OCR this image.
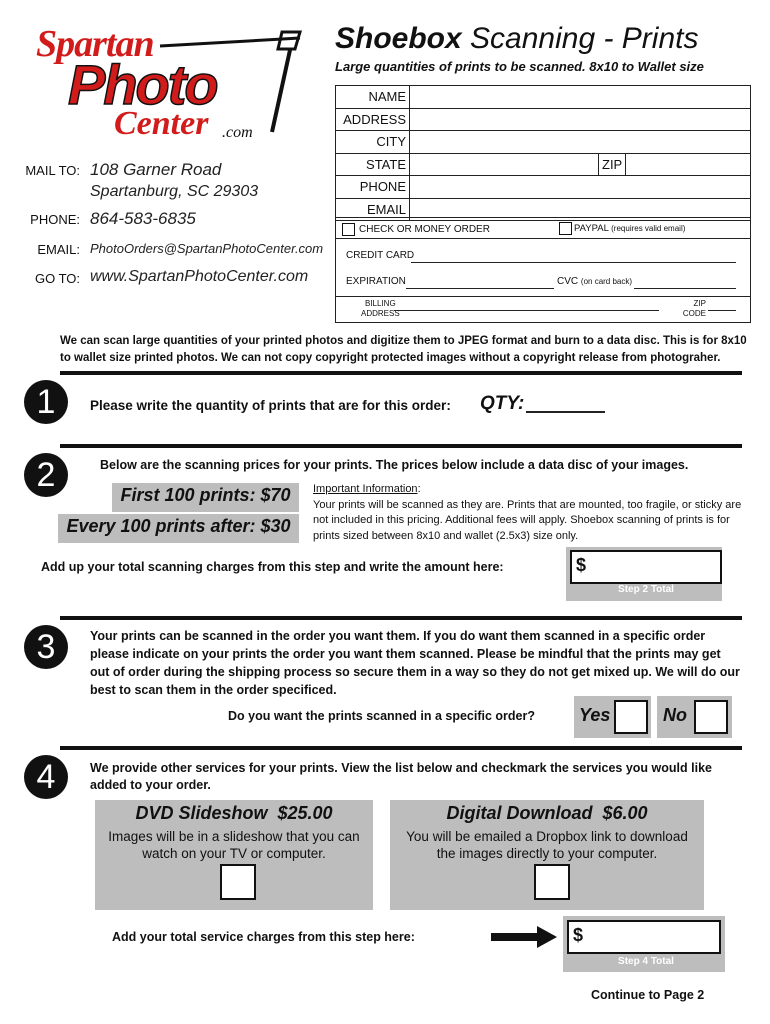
Spartan
Photo
Center .com
Shoebox Scanning - Prints
Large quantities of prints to be scanned. 8x10 to Wallet size
MAIL TO: 108 Garner Road
Spartanburg, SC 29303
PHONE: 864-583-6835
EMAIL: PhotoOrders@SpartanPhotoCenter.com
GO TO: www.SpartanPhotoCenter.com
NAME
ADDRESS
CITY
STATE	ZIP
PHONE
EMAIL
CHECK OR MONEY ORDER	PAYPAL (requires valid email)
CREDIT CARD
EXPIRATION	CVC (on card back)
BILLING
ADDRESS
ZIP
CODE
We can scan large quantities of your printed photos and digitize them to JPEG format and burn to a data disc. This is for 8x10 to wallet size printed photos. We can not copy copyright protected images without a copyright release from photograher.
1	Please write the quantity of prints that are for this order: QTY:
2	Below are the scanning prices for your prints. The prices below include a data disc of your images.
First 100 prints: $70
Every 100 prints after: $30
Important Information:
Your prints will be scanned as they are. Prints that are mounted, too fragile, or sticky are not included in this pricing. Additional fees will apply. Shoebox scanning of prints is for prints sized between 8x10 and wallet (2.5x3) size only.
Add up your total scanning charges from this step and write the amount here:	$
Step 2 Total
3	Your prints can be scanned in the order you want them. If you do want them scanned in a specific order please indicate on your prints the order you want them scanned. Please be mindful that the prints may get out of order during the shipping process so secure them in a way so they do not get mixed up. We will do our best to scan them in the order specificed.
Do you want the prints scanned in a specific order? Yes	No
4	We provide other services for your prints. View the list below and checkmark the services you would like added to your order.
DVD Slideshow  $25.00
Images will be in a slideshow that you can watch on your TV or computer.
Digital Download  $6.00
You will be emailed a Dropbox link to download the images directly to your computer.
Add your total service charges from this step here:	$
Step 4 Total
Continue to Page 2
